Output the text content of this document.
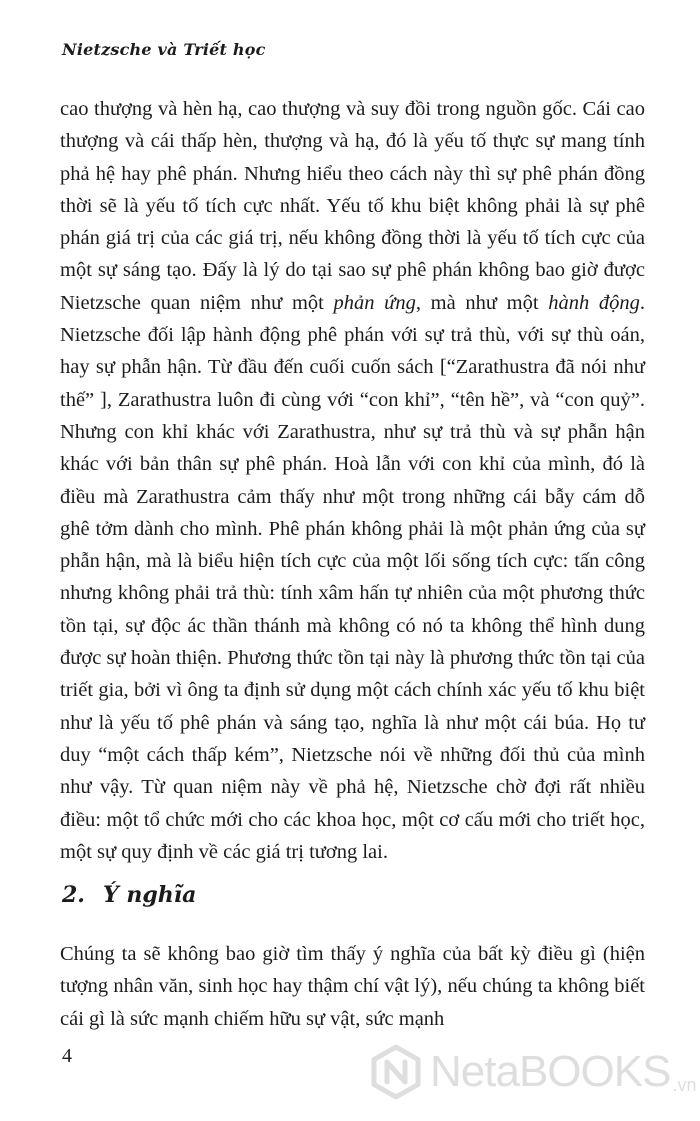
Nietzsche và Triết học

cao thượng và hèn hạ, cao thượng và suy đồi trong nguồn gốc. Cái cao thượng và cái thấp hèn, thượng và hạ, đó là yếu tố thực sự mang tính phả hệ hay phê phán. Nhưng hiểu theo cách này thì sự phê phán đồng thời sẽ là yếu tố tích cực nhất. Yếu tố khu biệt không phải là sự phê phán giá trị của các giá trị, nếu không đồng thời là yếu tố tích cực của một sự sáng tạo. Đấy là lý do tại sao sự phê phán không bao giờ được Nietzsche quan niệm như một phản ứng, mà như một hành động. Nietzsche đối lập hành động phê phán với sự trả thù, với sự thù oán, hay sự phẫn hận. Từ đầu đến cuối cuốn sách [“Zarathustra đã nói như thế” ], Zarathustra luôn đi cùng với “con khỉ”, “tên hề”, và “con quỷ”. Nhưng con khỉ khác với Zarathustra, như sự trả thù và sự phẫn hận khác với bản thân sự phê phán. Hoà lẫn với con khỉ của mình, đó là điều mà Zarathustra cảm thấy như một trong những cái bẫy cám dỗ ghê tởm dành cho mình. Phê phán không phải là một phản ứng của sự phẫn hận, mà là biểu hiện tích cực của một lối sống tích cực: tấn công nhưng không phải trả thù: tính xâm hấn tự nhiên của một phương thức tồn tại, sự độc ác thần thánh mà không có nó ta không thể hình dung được sự hoàn thiện. Phương thức tồn tại này là phương thức tồn tại của triết gia, bởi vì ông ta định sử dụng một cách chính xác yếu tố khu biệt như là yếu tố phê phán và sáng tạo, nghĩa là như một cái búa. Họ tư duy “một cách thấp kém”, Nietzsche nói về những đối thủ của mình như vậy. Từ quan niệm này về phả hệ, Nietzsche chờ đợi rất nhiều điều: một tổ chức mới cho các khoa học, một cơ cấu mới cho triết học, một sự quy định về các giá trị tương lai.

2. Ý nghĩa

Chúng ta sẽ không bao giờ tìm thấy ý nghĩa của bất kỳ điều gì (hiện tượng nhân văn, sinh học hay thậm chí vật lý), nếu chúng ta không biết cái gì là sức mạnh chiếm hữu sự vật, sức mạnh

4	NetaBOOKS .vn
